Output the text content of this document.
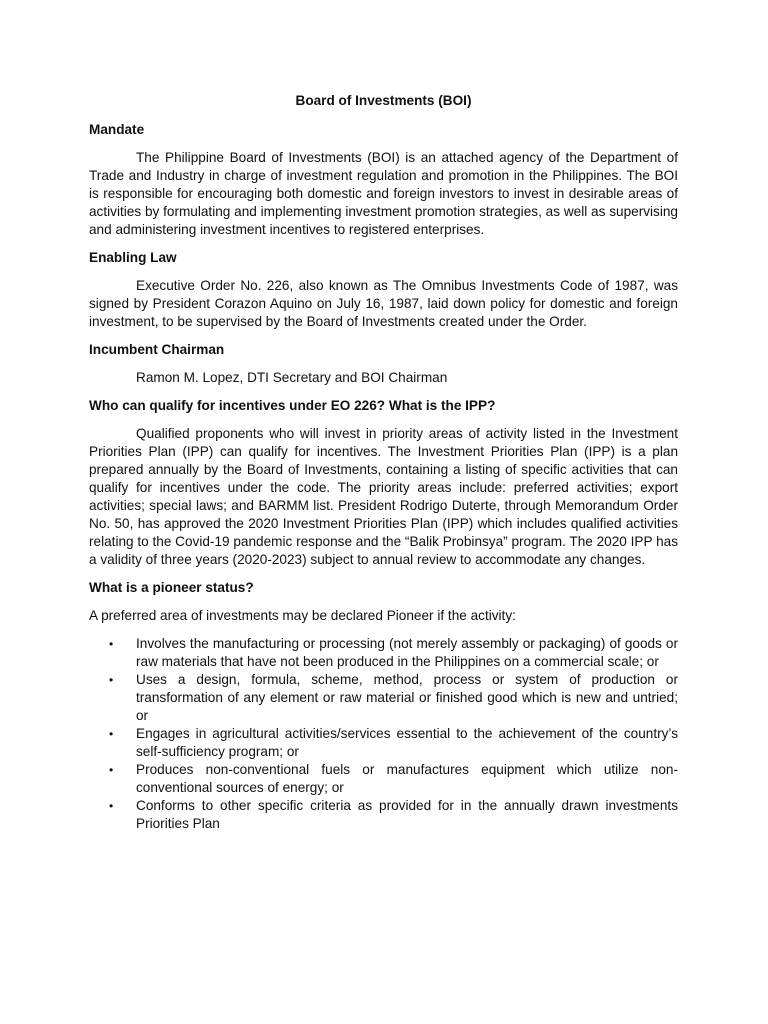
Board of Investments (BOI)
Mandate

The Philippine Board of Investments (BOI) is an attached agency of the Department of Trade and Industry in charge of investment regulation and promotion in the Philippines. The BOI is responsible for encouraging both domestic and foreign investors to invest in desirable areas of activities by formulating and implementing investment promotion strategies, as well as supervising and administering investment incentives to registered enterprises.

Enabling Law

Executive Order No. 226, also known as The Omnibus Investments Code of 1987, was signed by President Corazon Aquino on July 16, 1987, laid down policy for domestic and foreign investment, to be supervised by the Board of Investments created under the Order.

Incumbent Chairman

Ramon M. Lopez, DTI Secretary and BOI Chairman

Who can qualify for incentives under EO 226? What is the IPP?

Qualified proponents who will invest in priority areas of activity listed in the Investment Priorities Plan (IPP) can qualify for incentives. The Investment Priorities Plan (IPP) is a plan prepared annually by the Board of Investments, containing a listing of specific activities that can qualify for incentives under the code. The priority areas include: preferred activities; export activities; special laws; and BARMM list. President Rodrigo Duterte, through Memorandum Order No. 50, has approved the 2020 Investment Priorities Plan (IPP) which includes qualified activities relating to the Covid-19 pandemic response and the “Balik Probinsya” program. The 2020 IPP has a validity of three years (2020-2023) subject to annual review to accommodate any changes.

What is a pioneer status?

A preferred area of investments may be declared Pioneer if the activity:

• Involves the manufacturing or processing (not merely assembly or packaging) of goods or raw materials that have not been produced in the Philippines on a commercial scale; or
• Uses a design, formula, scheme, method, process or system of production or transformation of any element or raw material or finished good which is new and untried; or
• Engages in agricultural activities/services essential to the achievement of the country’s self-sufficiency program; or
• Produces non-conventional fuels or manufactures equipment which utilize non-conventional sources of energy; or
• Conforms to other specific criteria as provided for in the annually drawn investments Priorities Plan
